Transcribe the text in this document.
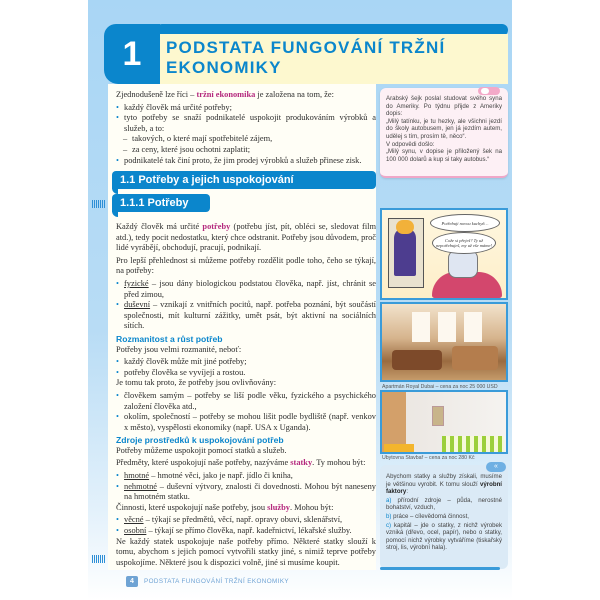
1	PODSTATA FUNGOVÁNÍ TRŽNÍ EKONOMIKY

Zjednodušeně lze říci – tržní ekonomika je založena na tom, že:

• každý člověk má určité potřeby;
• tyto potřeby se snaží podnikatelé uspokojit produkováním výrobků a služeb, a to:
– takových, o které mají spotřebitelé zájem,
– za ceny, které jsou ochotni zaplatit;
• podnikatelé tak činí proto, že jim prodej výrobků a služeb přinese zisk.
1.1 Potřeby a jejich uspokojování
1.1.1 Potřeby

Každý člověk má určité potřeby (potřebu jíst, pít, obléci se, sledovat film atd.), tedy pocit nedostatku, který chce odstranit. Potřeby jsou důvodem, proč lidé vyrábějí, obchodují, pracují, podnikají.

Pro lepší přehlednost si můžeme potřeby rozdělit podle toho, čeho se týkají, na potřeby:

• fyzické – jsou dány biologickou podstatou člověka, např. jíst, chránit se před zimou,
• duševní – vznikají z vnitřních pocitů, např. potřeba poznání, být součástí společnosti, mít kulturní zážitky, umět psát, být aktivní na sociálních sítích.
Rozmanitost a růst potřeb

Potřeby jsou velmi rozmanité, neboť:

• každý člověk může mít jiné potřeby;
• potřeby člověka se vyvíjejí a rostou.

Je tomu tak proto, že potřeby jsou ovlivňovány:

• člověkem samým – potřeby se liší podle věku, fyzického a psychického založení člověka atd.,
• okolím, společností – potřeby se mohou lišit podle bydliště (např. venkov x město), vyspělosti ekonomiky (např. USA x Uganda).
Zdroje prostředků k uspokojování potřeb

Potřeby můžeme uspokojit pomocí statků a služeb.

Předměty, které uspokojují naše potřeby, nazýváme statky. Ty mohou být:

• hmotné – hmotné věci, jako je např. jídlo či kniha,
• nehmotné – duševní výtvory, znalosti či dovednosti. Mohou být naneseny na hmotném statku.

Činnosti, které uspokojují naše potřeby, jsou služby. Mohou být:

• věcné – týkají se předmětů, věcí, např. opravy obuvi, sklenářství,
• osobní – týkají se přímo člověka, např. kadeřnictví, lékařské služby.

Ne každý statek uspokojuje naše potřeby přímo. Některé statky slouží k tomu, abychom s jejich pomocí vytvořili statky jiné, s nimiž teprve potřeby uspokojíme. Některé jsou k dispozici volně, jiné si musíme koupit.

Arabský šejk poslal studovat svého syna do Ameriky. Po týdnu přijde z Ameriky dopis:
„Milý tatínku, je tu hezky, ale všichni jezdí do školy autobusem, jen já jezdím autem, udělej s tím, prosím tě, něco“.
V odpovědi došlo:
„Milý synu, v dopise je přiložený šek na 100 000 dolarů a kup si taky autobus.“
Potřebuji novou kuchyň…
Cože si přeješ? Ty už nepotřebuješ, my už vše máme!
Apartmán Royal Dubai – cena za noc 25 000 USD
Ubytovna Stavbař – cena za noc 280 Kč

Abychom statky a služby získali, musíme je většinou vyrobit. K tomu slouží výrobní faktory:

a) přírodní zdroje – půda, nerostné bohatství, vzduch,

b) práce – cílevědomá činnost,

c) kapitál – jde o statky, z nichž výrobek vzniká (dřevo, ocel, papír), nebo o statky, pomocí nichž výrobky vytváříme (tiskařský stroj, lis, výrobní hala).

«
4	PODSTATA FUNGOVÁNÍ TRŽNÍ EKONOMIKY
